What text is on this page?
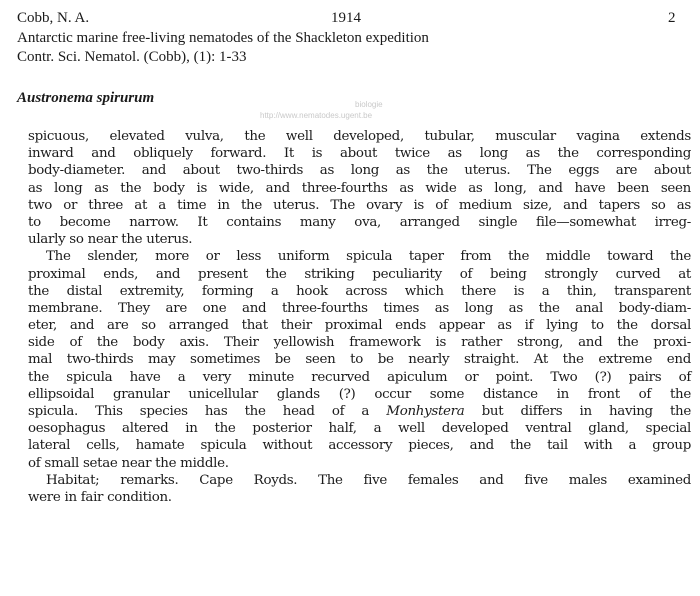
Cobb, N. A.	1914	2
Antarctic marine free-living nematodes of the Shackleton expedition
Contr. Sci. Nematol. (Cobb), (1): 1-33
Austronema spirurum	biologie
http://www.nematodes.ugent.be
spicuous, elevated vulva, the well developed, tubular, muscular vagina extends
inward and obliquely forward. It is about twice as long as the corresponding
body-diameter. and about two-thirds as long as the uterus. The eggs are about
as long as the body is wide, and three-fourths as wide as long, and have been seen
two or three at a time in the uterus. The ovary is of medium size, and tapers so as
to become narrow. It contains many ova, arranged single file—somewhat irreg-
ularly so near the uterus.
The slender, more or less uniform spicula taper from the middle toward the
proximal ends, and present the striking peculiarity of being strongly curved at
the distal extremity, forming a hook across which there is a thin, transparent
membrane. They are one and three-fourths times as long as the anal body-diam-
eter, and are so arranged that their proximal ends appear as if lying to the dorsal
side of the body axis. Their yellowish framework is rather strong, and the proxi-
mal two-thirds may sometimes be seen to be nearly straight. At the extreme end
the spicula have a very minute recurved apiculum or point. Two (?) pairs of
ellipsoidal granular unicellular glands (?) occur some distance in front of the
spicula. This species has the head of a Monhystera but differs in having the
oesophagus altered in the posterior half, a well developed ventral gland, special
lateral cells, hamate spicula without accessory pieces, and the tail with a group
of small setae near the middle.
Habitat; remarks. Cape Royds. The five females and five males examined
were in fair condition.
